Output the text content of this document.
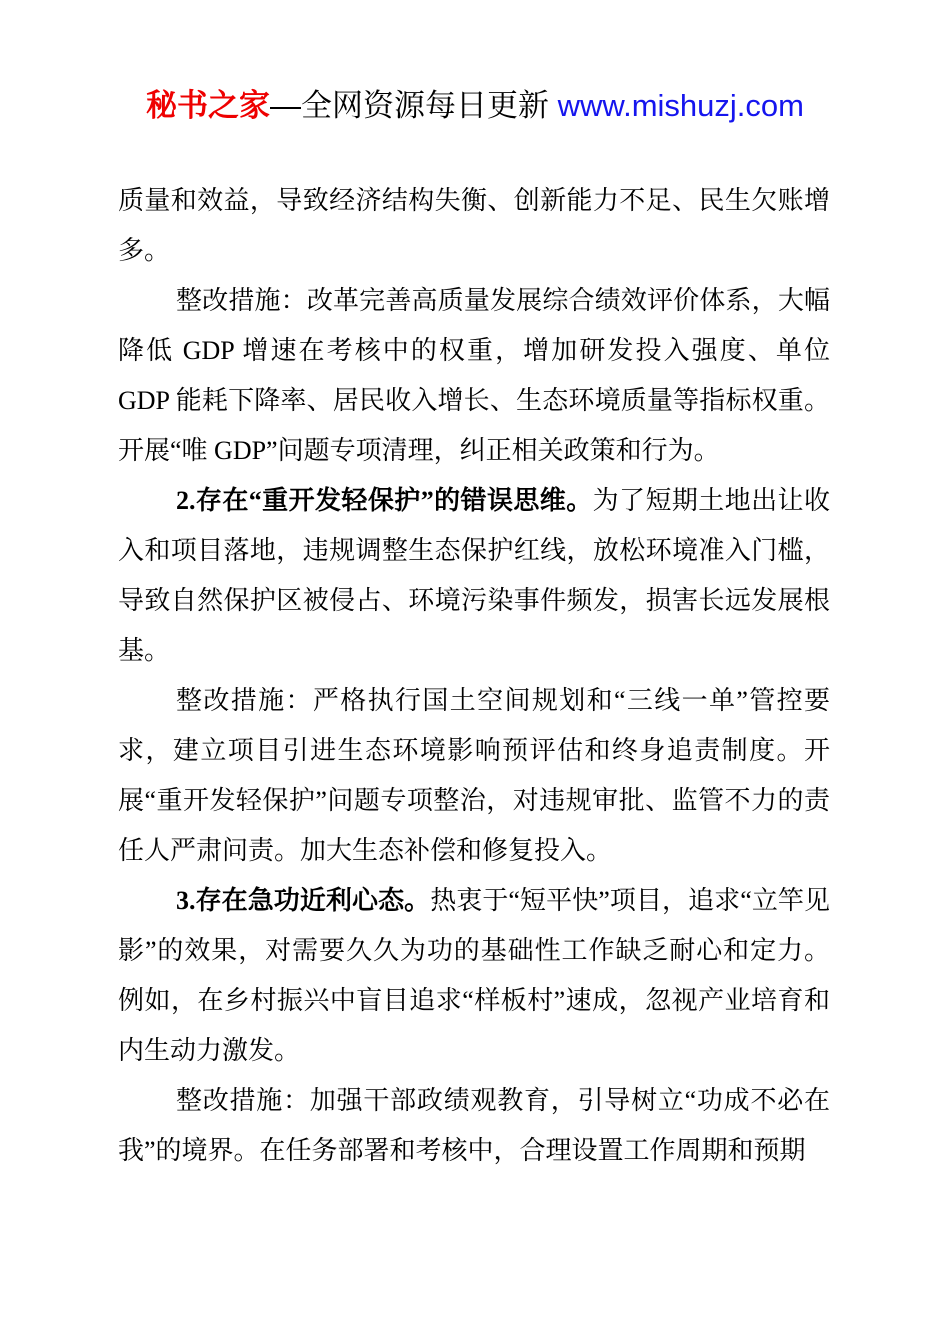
秘书之家—全网资源每日更新 www.mishuzj.com

质量和效益，导致经济结构失衡、创新能力不足、民生欠账增多。

整改措施：改革完善高质量发展综合绩效评价体系，大幅降低 GDP 增速在考核中的权重，增加研发投入强度、单位 GDP 能耗下降率、居民收入增长、生态环境质量等指标权重。开展“唯 GDP”问题专项清理，纠正相关政策和行为。

2.存在“重开发轻保护”的错误思维。为了短期土地出让收入和项目落地，违规调整生态保护红线，放松环境准入门槛，导致自然保护区被侵占、环境污染事件频发，损害长远发展根基。

整改措施：严格执行国土空间规划和“三线一单”管控要求，建立项目引进生态环境影响预评估和终身追责制度。开展“重开发轻保护”问题专项整治，对违规审批、监管不力的责任人严肃问责。加大生态补偿和修复投入。

3.存在急功近利心态。热衷于“短平快”项目，追求“立竿见影”的效果，对需要久久为功的基础性工作缺乏耐心和定力。例如，在乡村振兴中盲目追求“样板村”速成，忽视产业培育和内生动力激发。

整改措施：加强干部政绩观教育，引导树立“功成不必在我”的境界。在任务部署和考核中，合理设置工作周期和预期
